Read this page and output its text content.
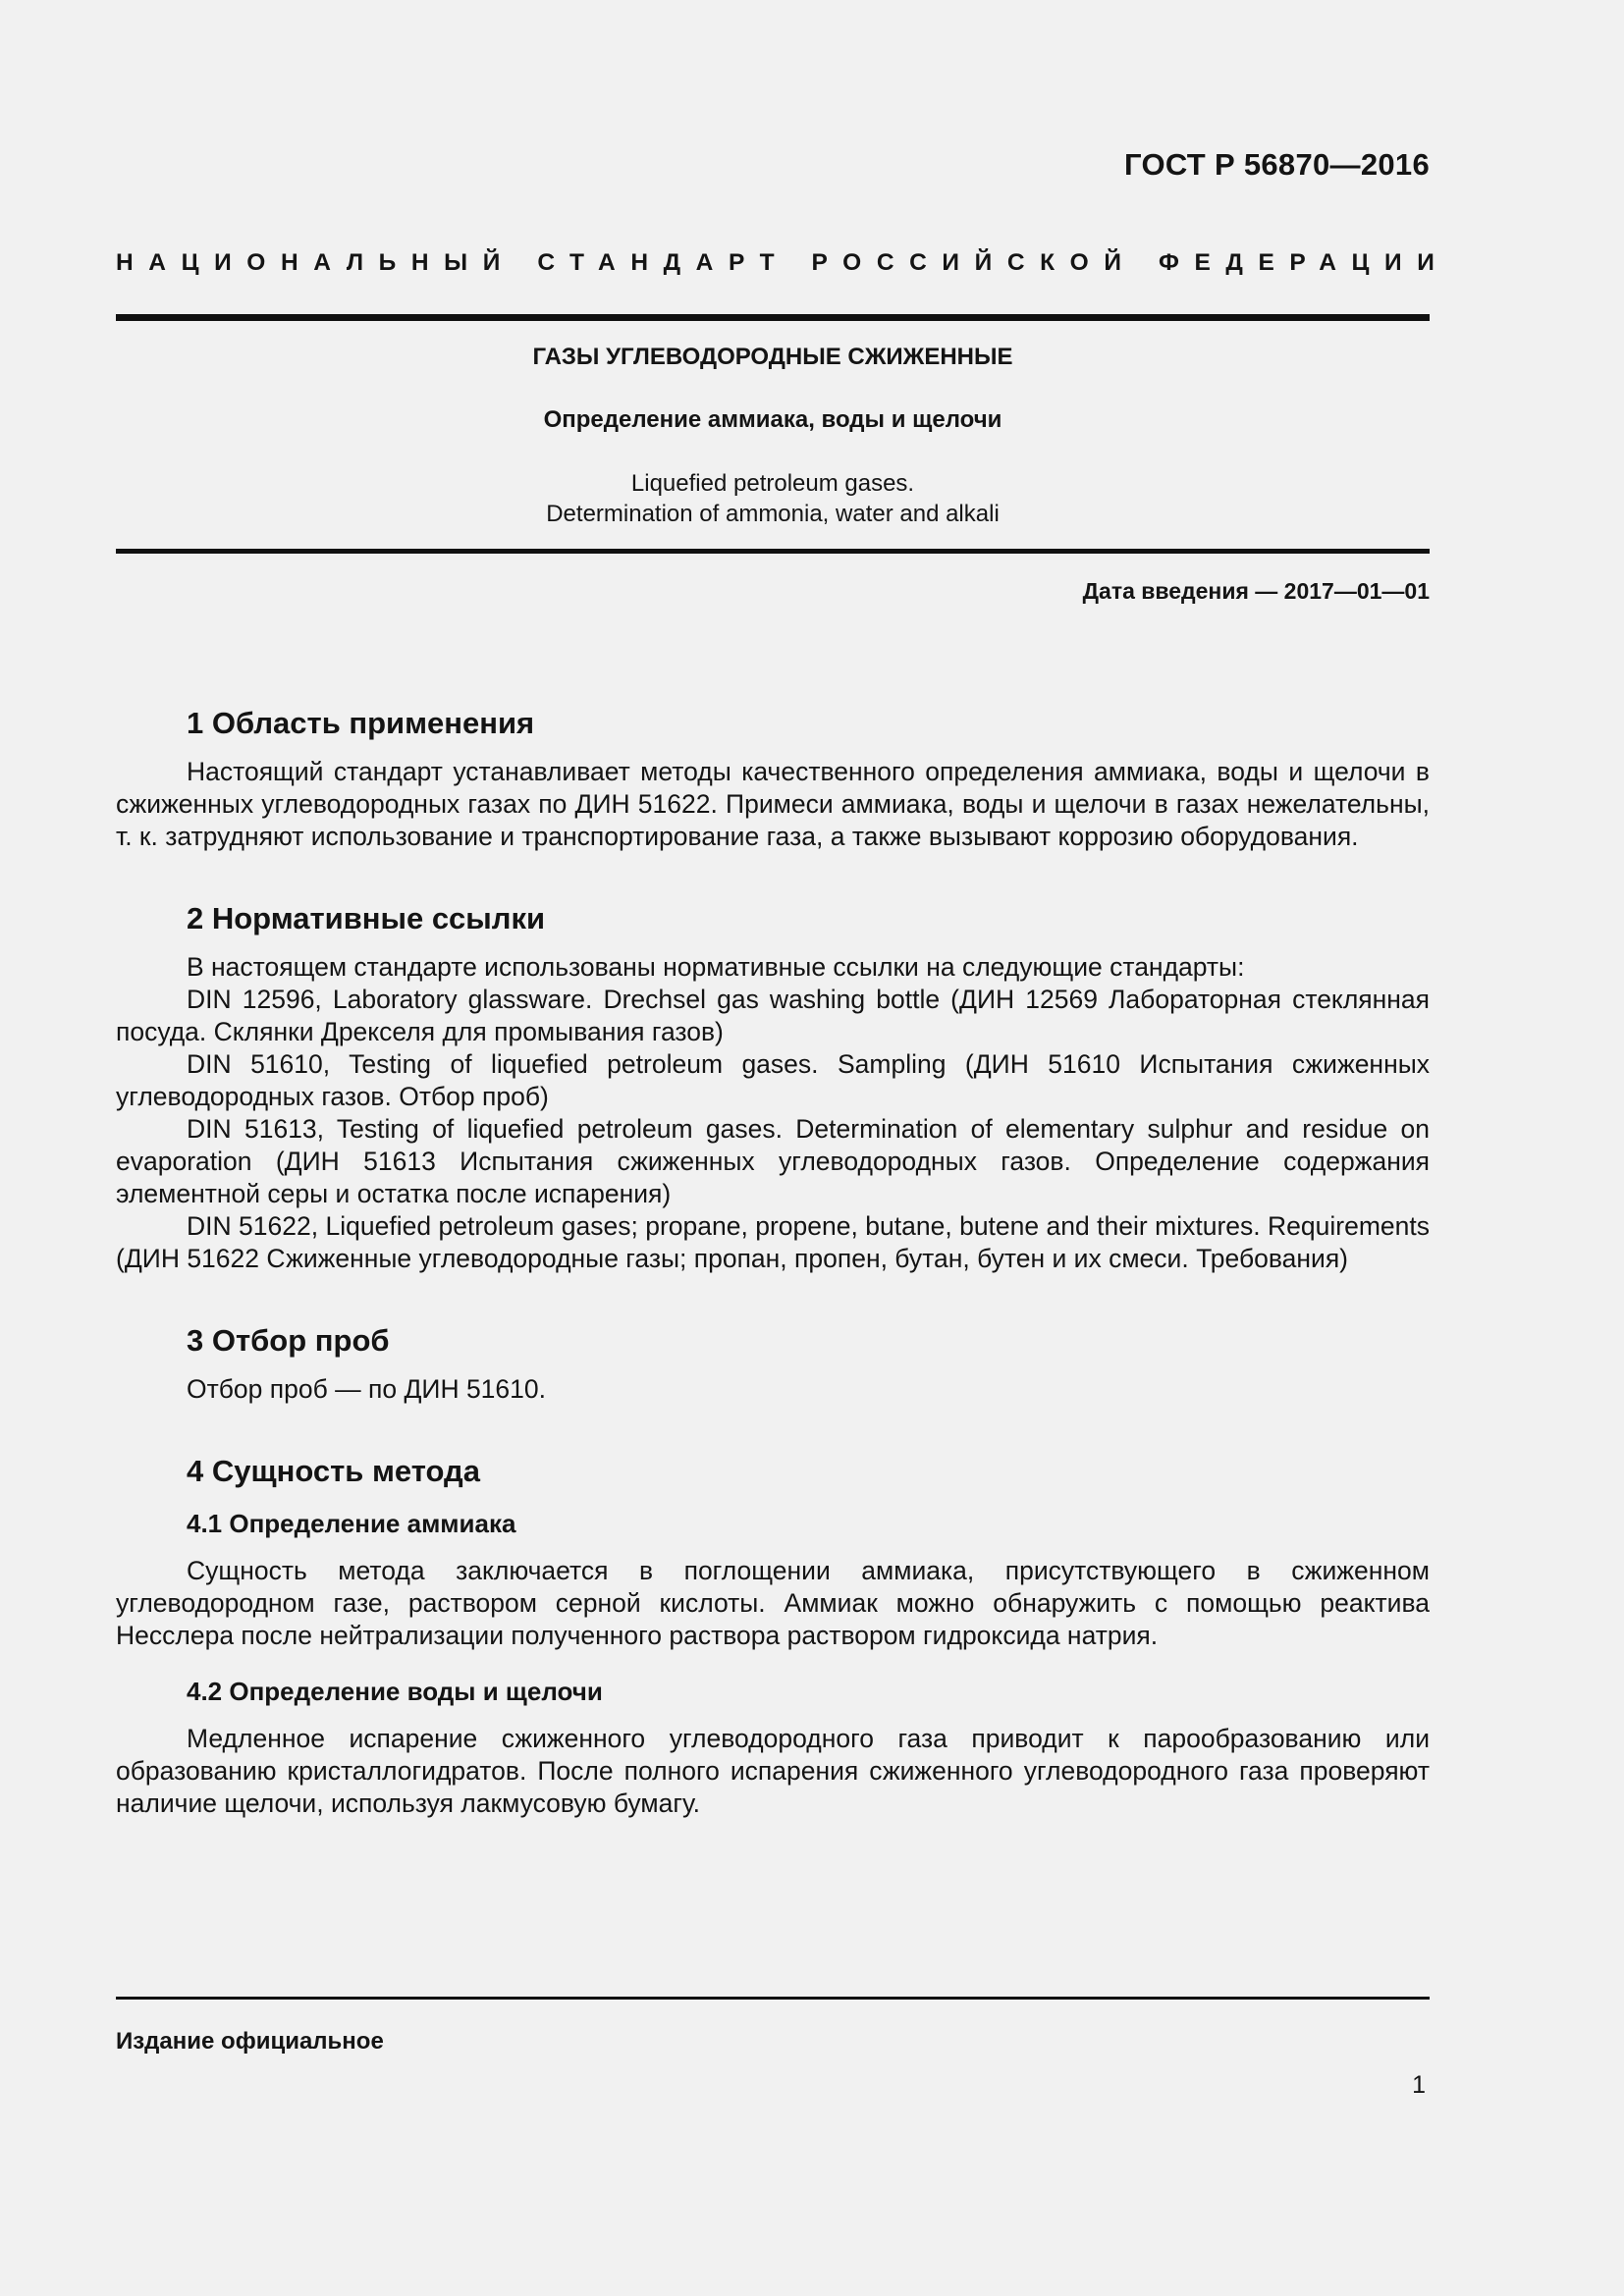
ГОСТ Р 56870—2016
НАЦИОНАЛЬНЫЙ СТАНДАРТ РОССИЙСКОЙ ФЕДЕРАЦИИ
ГАЗЫ УГЛЕВОДОРОДНЫЕ СЖИЖЕННЫЕ
Определение аммиака, воды и щелочи
Liquefied petroleum gases.
Determination of ammonia, water and alkali
Дата введения — 2017—01—01
1 Область применения

Настоящий стандарт устанавливает методы качественного определения аммиака, воды и щелочи в сжиженных углеводородных газах по ДИН 51622. Примеси аммиака, воды и щелочи в газах нежелательны, т. к. затрудняют использование и транспортирование газа, а также вызывают коррозию оборудования.

2 Нормативные ссылки

В настоящем стандарте использованы нормативные ссылки на следующие стандарты:

DIN 12596, Laboratory glassware. Drechsel gas washing bottle (ДИН 12569 Лабораторная стеклянная посуда. Склянки Дрекселя для промывания газов)

DIN 51610, Testing of liquefied petroleum gases. Sampling (ДИН 51610 Испытания сжиженных углеводородных газов. Отбор проб)

DIN 51613, Testing of liquefied petroleum gases. Determination of elementary sulphur and residue on evaporation (ДИН 51613 Испытания сжиженных углеводородных газов. Определение содержания элементной серы и остатка после испарения)

DIN 51622, Liquefied petroleum gases; propane, propene, butane, butene and their mixtures. Requirements (ДИН 51622 Сжиженные углеводородные газы; пропан, пропен, бутан, бутен и их смеси. Требования)

3 Отбор проб

Отбор проб — по ДИН 51610.

4 Сущность метода
4.1 Определение аммиака

Сущность метода заключается в поглощении аммиака, присутствующего в сжиженном углеводородном газе, раствором серной кислоты. Аммиак можно обнаружить с помощью реактива Несслера после нейтрализации полученного раствора раствором гидроксида натрия.

4.2 Определение воды и щелочи

Медленное испарение сжиженного углеводородного газа приводит к парообразованию или образованию кристаллогидратов. После полного испарения сжиженного углеводородного газа проверяют наличие щелочи, используя лакмусовую бумагу.

Издание официальное
1
